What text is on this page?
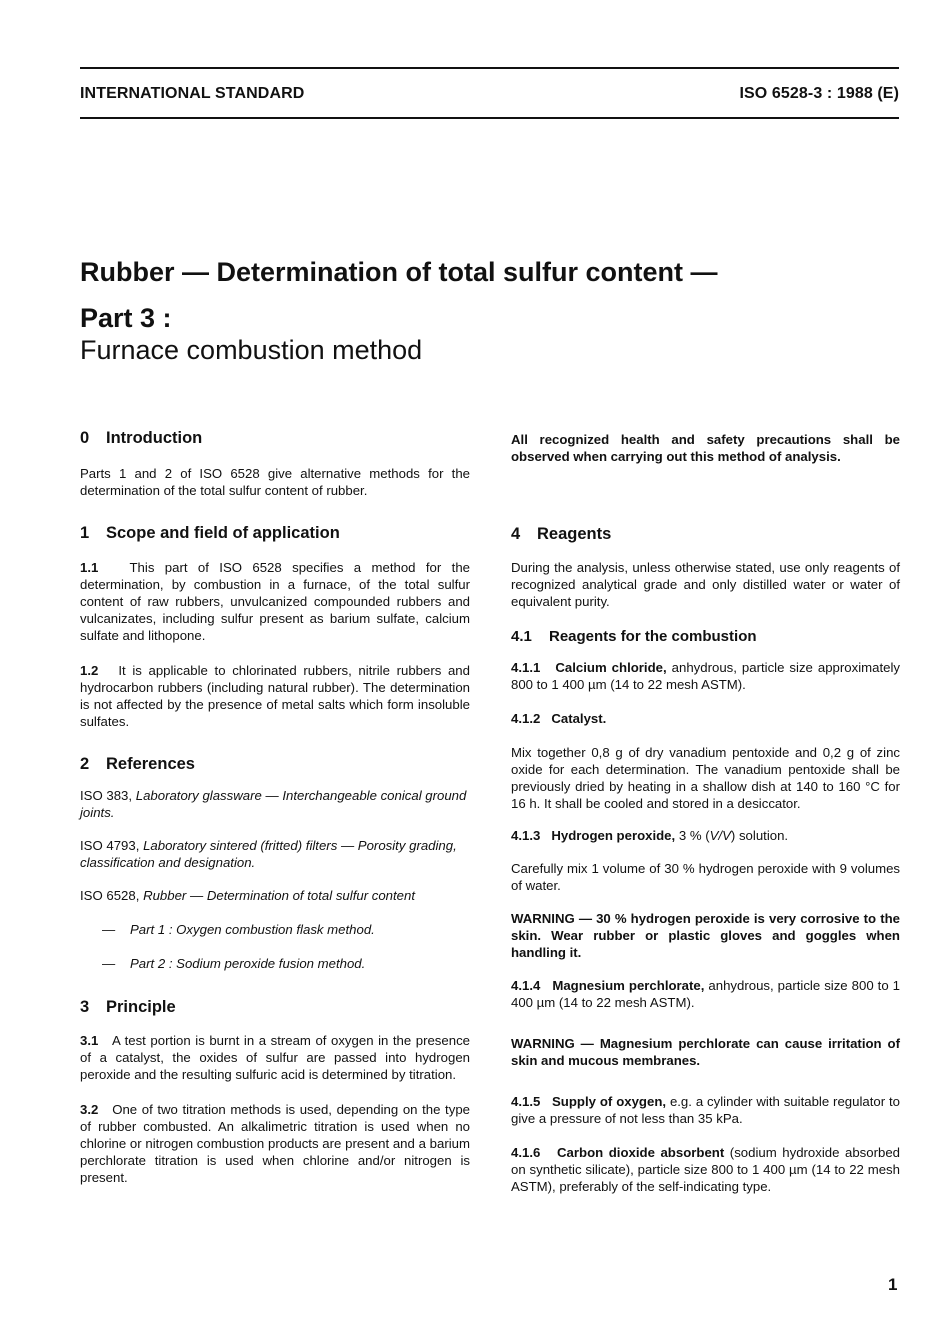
INTERNATIONAL STANDARD	ISO 6528-3 : 1988 (E)

Rubber — Determination of total sulfur content —

Part 3 :

Furnace combustion method

0 Introduction

Parts 1 and 2 of ISO 6528 give alternative methods for the determination of the total sulfur content of rubber.

1 Scope and field of application

1.1 This part of ISO 6528 specifies a method for the determination, by combustion in a furnace, of the total sulfur content of raw rubbers, unvulcanized compounded rubbers and vulcanizates, including sulfur present as barium sulfate, calcium sulfate and lithopone.

1.2 It is applicable to chlorinated rubbers, nitrile rubbers and hydrocarbon rubbers (including natural rubber). The determination is not affected by the presence of metal salts which form insoluble sulfates.

2 References

ISO 383, Laboratory glassware — Interchangeable conical ground joints.

ISO 4793, Laboratory sintered (fritted) filters — Porosity grading, classification and designation.

ISO 6528, Rubber — Determination of total sulfur content

— Part 1 : Oxygen combustion flask method.

— Part 2 : Sodium peroxide fusion method.

3 Principle

3.1 A test portion is burnt in a stream of oxygen in the presence of a catalyst, the oxides of sulfur are passed into hydrogen peroxide and the resulting sulfuric acid is determined by titration.

3.2 One of two titration methods is used, depending on the type of rubber combusted. An alkalimetric titration is used when no chlorine or nitrogen combustion products are present and a barium perchlorate titration is used when chlorine and/or nitrogen is present.

All recognized health and safety precautions shall be observed when carrying out this method of analysis.

4 Reagents

During the analysis, unless otherwise stated, use only reagents of recognized analytical grade and only distilled water or water of equivalent purity.

4.1 Reagents for the combustion

4.1.1 Calcium chloride, anhydrous, particle size approximately 800 to 1 400 µm (14 to 22 mesh ASTM).

4.1.2 Catalyst.

Mix together 0,8 g of dry vanadium pentoxide and 0,2 g of zinc oxide for each determination. The vanadium pentoxide shall be previously dried by heating in a shallow dish at 140 to 160 °C for 16 h. It shall be cooled and stored in a desiccator.

4.1.3 Hydrogen peroxide, 3 % (V/V) solution.

Carefully mix 1 volume of 30 % hydrogen peroxide with 9 volumes of water.

WARNING — 30 % hydrogen peroxide is very corrosive to the skin. Wear rubber or plastic gloves and goggles when handling it.

4.1.4 Magnesium perchlorate, anhydrous, particle size 800 to 1 400 µm (14 to 22 mesh ASTM).

WARNING — Magnesium perchlorate can cause irritation of skin and mucous membranes.

4.1.5 Supply of oxygen, e.g. a cylinder with suitable regulator to give a pressure of not less than 35 kPa.

4.1.6 Carbon dioxide absorbent (sodium hydroxide absorbed on synthetic silicate), particle size 800 to 1 400 µm (14 to 22 mesh ASTM), preferably of the self-indicating type.

1
